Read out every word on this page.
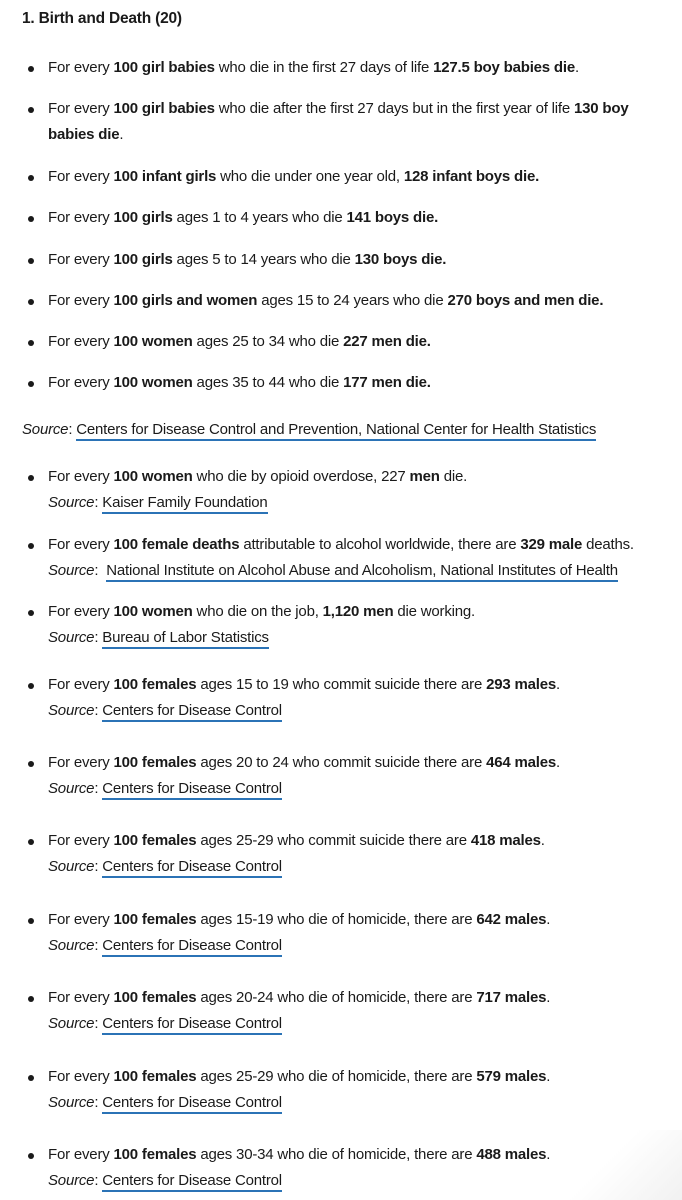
1. Birth and Death (20)

For every 100 girl babies who die in the first 27 days of life 127.5 boy babies die.

For every 100 girl babies who die after the first 27 days but in the first year of life 130 boy babies die.

For every 100 infant girls who die under one year old, 128 infant boys die.

For every 100 girls ages 1 to 4 years who die 141 boys die.

For every 100 girls ages 5 to 14 years who die 130 boys die.

For every 100 girls and women ages 15 to 24 years who die 270 boys and men die.

For every 100 women ages 25 to 34 who die 227 men die.

For every 100 women ages 35 to 44 who die 177 men die.

Source: Centers for Disease Control and Prevention, National Center for Health Statistics

For every 100 women who die by opioid overdose, 227 men die.
Source: Kaiser Family Foundation

For every 100 female deaths attributable to alcohol worldwide, there are 329 male deaths.
Source:  National Institute on Alcohol Abuse and Alcoholism, National Institutes of Health

For every 100 women who die on the job, 1,120 men die working.
Source: Bureau of Labor Statistics

For every 100 females ages 15 to 19 who commit suicide there are 293 males.
Source: Centers for Disease Control

For every 100 females ages 20 to 24 who commit suicide there are 464 males.
Source: Centers for Disease Control

For every 100 females ages 25-29 who commit suicide there are 418 males.
Source: Centers for Disease Control

For every 100 females ages 15-19 who die of homicide, there are 642 males.
Source: Centers for Disease Control

For every 100 females ages 20-24 who die of homicide, there are 717 males.
Source: Centers for Disease Control

For every 100 females ages 25-29 who die of homicide, there are 579 males.
Source: Centers for Disease Control

For every 100 females ages 30-34 who die of homicide, there are 488 males.
Source: Centers for Disease Control
